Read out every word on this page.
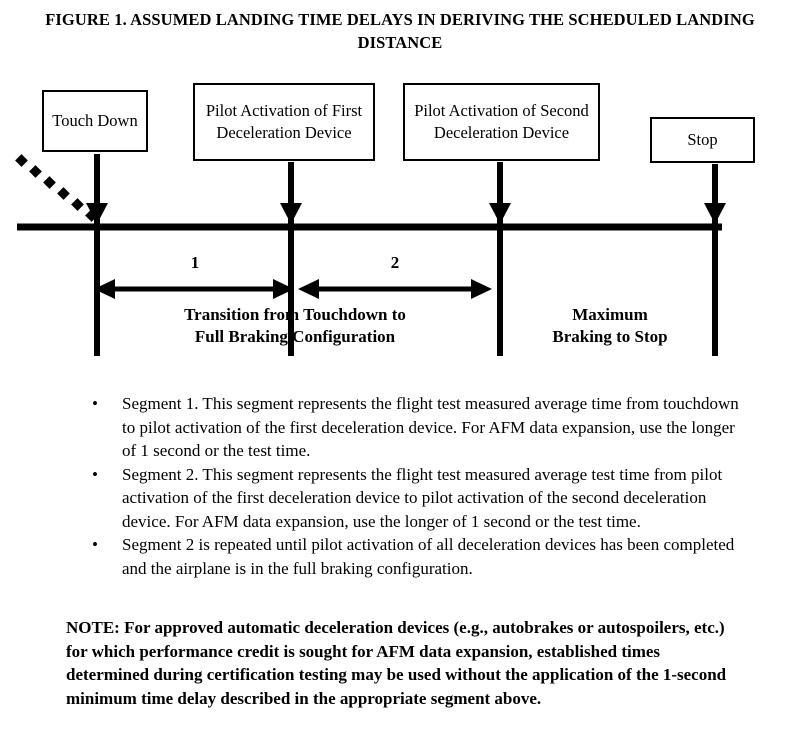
FIGURE 1. ASSUMED LANDING TIME DELAYS IN DERIVING THE SCHEDULED LANDING DISTANCE
Touch Down
Pilot Activation of First Deceleration Device
Pilot Activation of Second Deceleration Device	Stop
1	2
Transition from Touchdown to
Full Braking Configuration
Maximum
Braking to Stop
•	Segment 1. This segment represents the flight test measured average time from touchdown to pilot activation of the first deceleration device. For AFM data expansion, use the longer of 1 second or the test time.
•	Segment 2. This segment represents the flight test measured average test time from pilot activation of the first deceleration device to pilot activation of the second deceleration device. For AFM data expansion, use the longer of 1 second or the test time.
•	Segment 2 is repeated until pilot activation of all deceleration devices has been completed and the airplane is in the full braking configuration.
NOTE: For approved automatic deceleration devices (e.g., autobrakes or autospoilers, etc.) for which performance credit is sought for AFM data expansion, established times determined during certification testing may be used without the application of the 1-second minimum time delay described in the appropriate segment above.
